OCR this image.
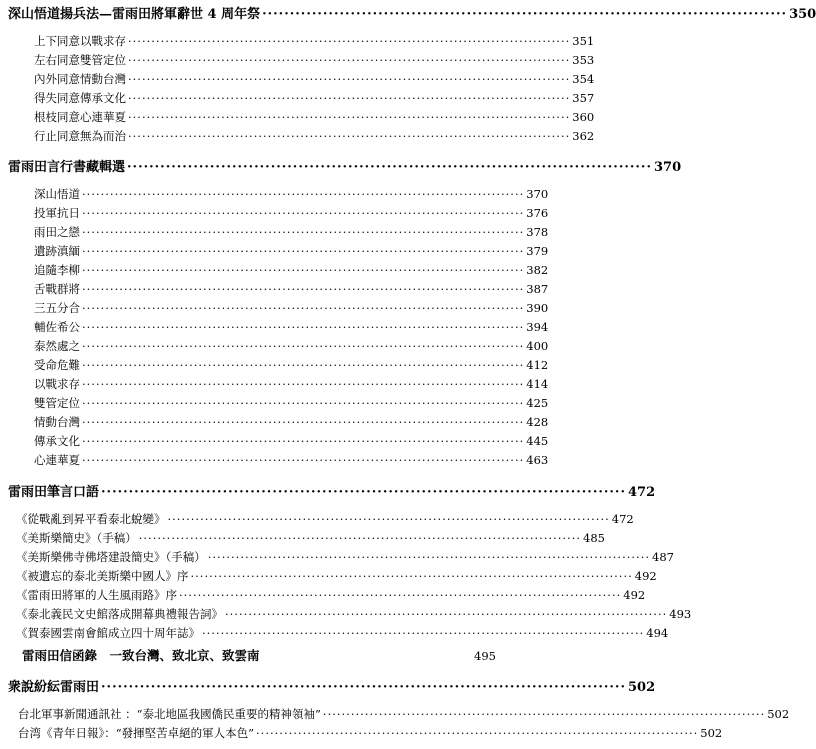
深山悟道揚兵法—雷雨田將軍辭世 4 周年祭 ······························································································· 350
上下同意 以戰求存 ······························································································· 351
左右同意 雙管定位 ······························································································· 353
內外同意 情動台灣 ······························································································· 354
得失同意 傳承文化 ······························································································· 357
根枝同意 心連華夏 ······························································································· 360
行止同意 無為而治 ······························································································· 362
雷雨田言行書藏輯選 ······························································································· 370
深山悟道 ······························································································· 370
投軍抗日 ······························································································· 376
雨田之戀 ······························································································· 378
遺跡滇緬 ······························································································· 379
追隨李柳 ······························································································· 382
舌戰群將 ······························································································· 387
三五分合 ······························································································· 390
輔佐希公 ······························································································· 394
泰然處之 ······························································································· 400
受命危難 ······························································································· 412
以戰求存 ······························································································· 414
雙管定位 ······························································································· 425
情動台灣 ······························································································· 428
傳承文化 ······························································································· 445
心連華夏 ······························································································· 463
雷雨田筆言口語 ······························································································· 472
《從戰亂到昇平看泰北蛻變》 ······························································································· 472
《美斯樂簡史》（手稿） ······························································································· 485
《美斯樂佛寺佛塔建設簡史》（手稿） ······························································································· 487
《被遺忘的泰北美斯樂中國人》序 ······························································································· 492
《雷雨田將軍的人生風雨路》序 ······························································································· 492
《泰北義民文史館落成開幕典禮報告詞》 ······························································································· 493
《賀泰國雲南會館成立四十周年誌》 ······························································································· 494
雷雨田信函錄　一致台灣、致北京、致雲南 ·	495
衆說紛紜雷雨田 ······························································································· 502
台北軍事新聞通訊社 ：“泰北地區我國僑民重要的精神領袖” ······························································································· 502
台湾《青年日報》：“發揮堅苦卓絕的軍人本色” ······························································································· 502
